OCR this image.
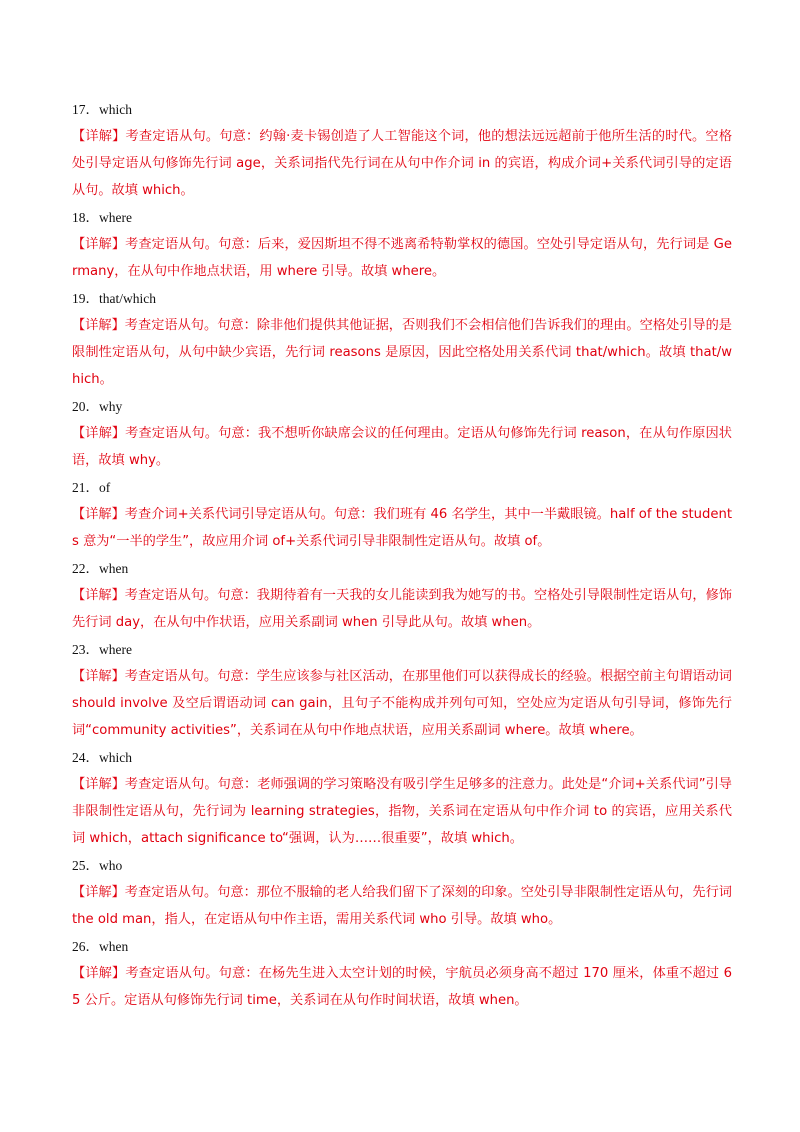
17．which
【详解】考查定语从句。句意：约翰·麦卡锡创造了人工智能这个词，他的想法远远超前于他所生活的时代。空格处引导定语从句修饰先行词 age，关系词指代先行词在从句中作介词 in 的宾语，构成介词+关系代词引导的定语从句。故填 which。
18．where
【详解】考查定语从句。句意：后来，爱因斯坦不得不逃离希特勒掌权的德国。空处引导定语从句，先行词是 Germany，在从句中作地点状语，用 where 引导。故填 where。
19．that/which
【详解】考查定语从句。句意：除非他们提供其他证据，否则我们不会相信他们告诉我们的理由。空格处引导的是限制性定语从句，从句中缺少宾语，先行词 reasons 是原因，因此空格处用关系代词 that/which。故填 that/which。
20．why
【详解】考查定语从句。句意：我不想听你缺席会议的任何理由。定语从句修饰先行词 reason，在从句作原因状语，故填 why。
21．of
【详解】考查介词+关系代词引导定语从句。句意：我们班有 46 名学生，其中一半戴眼镜。half of the students 意为“一半的学生”，故应用介词 of+关系代词引导非限制性定语从句。故填 of。
22．when
【详解】考查定语从句。句意：我期待着有一天我的女儿能读到我为她写的书。空格处引导限制性定语从句，修饰先行词 day，在从句中作状语，应用关系副词 when 引导此从句。故填 when。
23．where
【详解】考查定语从句。句意：学生应该参与社区活动，在那里他们可以获得成长的经验。根据空前主句谓语动词 should involve 及空后谓语动词 can gain，且句子不能构成并列句可知，空处应为定语从句引导词，修饰先行词“community activities”，关系词在从句中作地点状语，应用关系副词 where。故填 where。
24．which
【详解】考查定语从句。句意：老师强调的学习策略没有吸引学生足够多的注意力。此处是“介词+关系代词”引导非限制性定语从句，先行词为 learning strategies，指物，关系词在定语从句中作介词 to 的宾语，应用关系代词 which，attach significance to“强调，认为……很重要”，故填 which。
25．who
【详解】考查定语从句。句意：那位不服输的老人给我们留下了深刻的印象。空处引导非限制性定语从句，先行词 the old man，指人，在定语从句中作主语，需用关系代词 who 引导。故填 who。
26．when
【详解】考查定语从句。句意：在杨先生进入太空计划的时候，宇航员必须身高不超过 170 厘米，体重不超过 65 公斤。定语从句修饰先行词 time，关系词在从句作时间状语，故填 when。
